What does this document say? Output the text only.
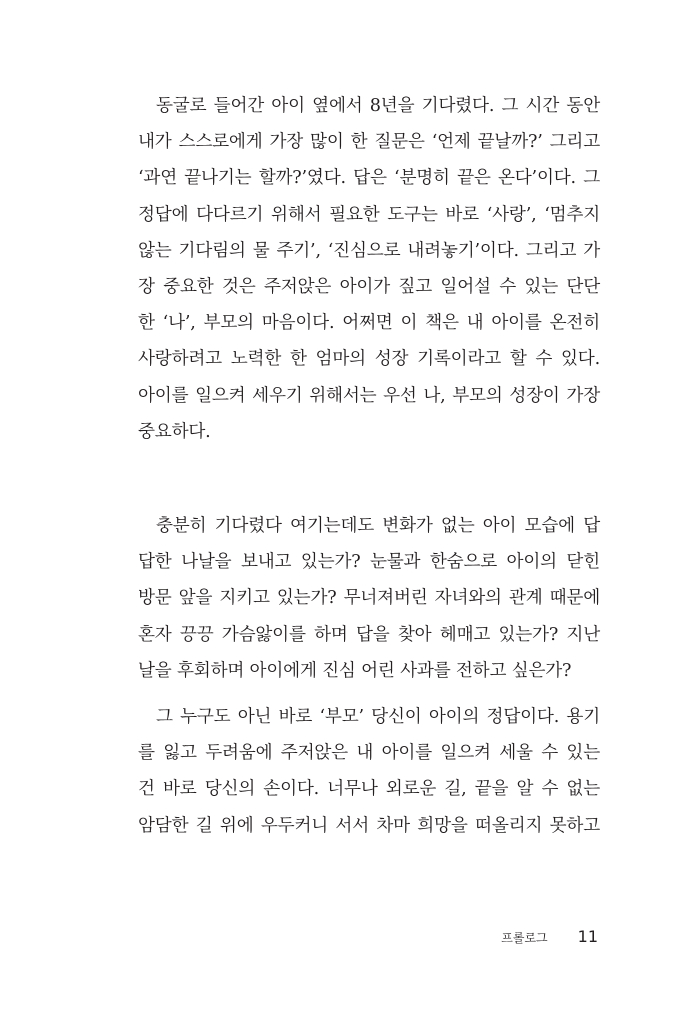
동굴로 들어간 아이 옆에서 8년을 기다렸다. 그 시간 동안
내가 스스로에게 가장 많이 한 질문은 ‘언제 끝날까?’ 그리고
‘과연 끝나기는 할까?’였다. 답은 ‘분명히 끝은 온다’이다. 그
정답에 다다르기 위해서 필요한 도구는 바로 ‘사랑’, ‘멈추지
않는 기다림의 물 주기’, ‘진심으로 내려놓기’이다. 그리고 가
장 중요한 것은 주저앉은 아이가 짚고 일어설 수 있는 단단
한 ‘나’, 부모의 마음이다. 어쩌면 이 책은 내 아이를 온전히
사랑하려고 노력한 한 엄마의 성장 기록이라고 할 수 있다.
아이를 일으켜 세우기 위해서는 우선 나, 부모의 성장이 가장
중요하다.
충분히 기다렸다 여기는데도 변화가 없는 아이 모습에 답
답한 나날을 보내고 있는가? 눈물과 한숨으로 아이의 닫힌
방문 앞을 지키고 있는가? 무너져버린 자녀와의 관계 때문에
혼자 끙끙 가슴앓이를 하며 답을 찾아 헤매고 있는가? 지난
날을 후회하며 아이에게 진심 어린 사과를 전하고 싶은가?
그 누구도 아닌 바로 ‘부모’ 당신이 아이의 정답이다. 용기
를 잃고 두려움에 주저앉은 내 아이를 일으켜 세울 수 있는
건 바로 당신의 손이다. 너무나 외로운 길, 끝을 알 수 없는
암담한 길 위에 우두커니 서서 차마 희망을 떠올리지 못하고
프롤로그 11
